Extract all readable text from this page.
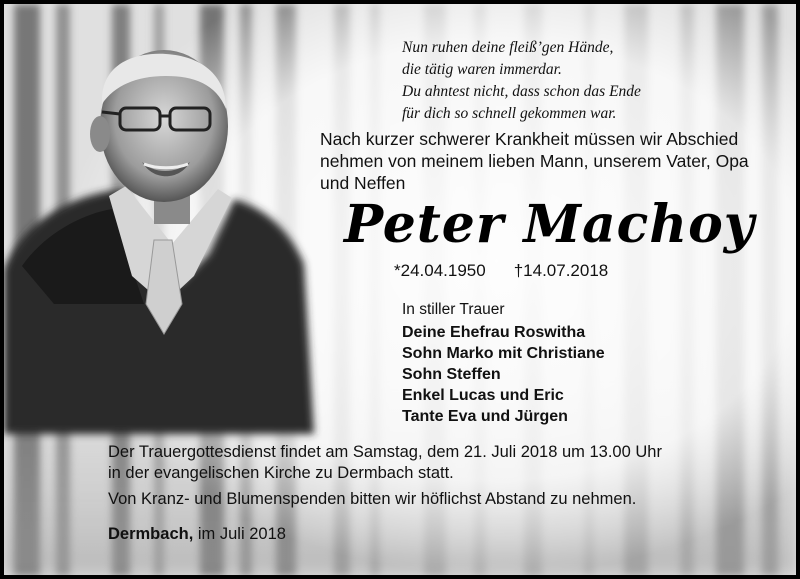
Nun ruhen deine fleiß’gen Hände,
die tätig waren immerdar.
Du ahntest nicht, dass schon das Ende
für dich so schnell gekommen war.
Nach kurzer schwerer Krankheit müssen wir Abschied
nehmen von meinem lieben Mann, unserem Vater, Opa
und Neffen
Peter Machoy
*24.04.1950 †14.07.2018
In stiller Trauer
Deine Ehefrau Roswitha
Sohn Marko mit Christiane
Sohn Steffen
Enkel Lucas und Eric
Tante Eva und Jürgen
Der Trauergottesdienst findet am Samstag, dem 21. Juli 2018 um 13.00 Uhr
in der evangelischen Kirche zu Dermbach statt.
Von Kranz- und Blumenspenden bitten wir höflichst Abstand zu nehmen.
Dermbach, im Juli 2018
